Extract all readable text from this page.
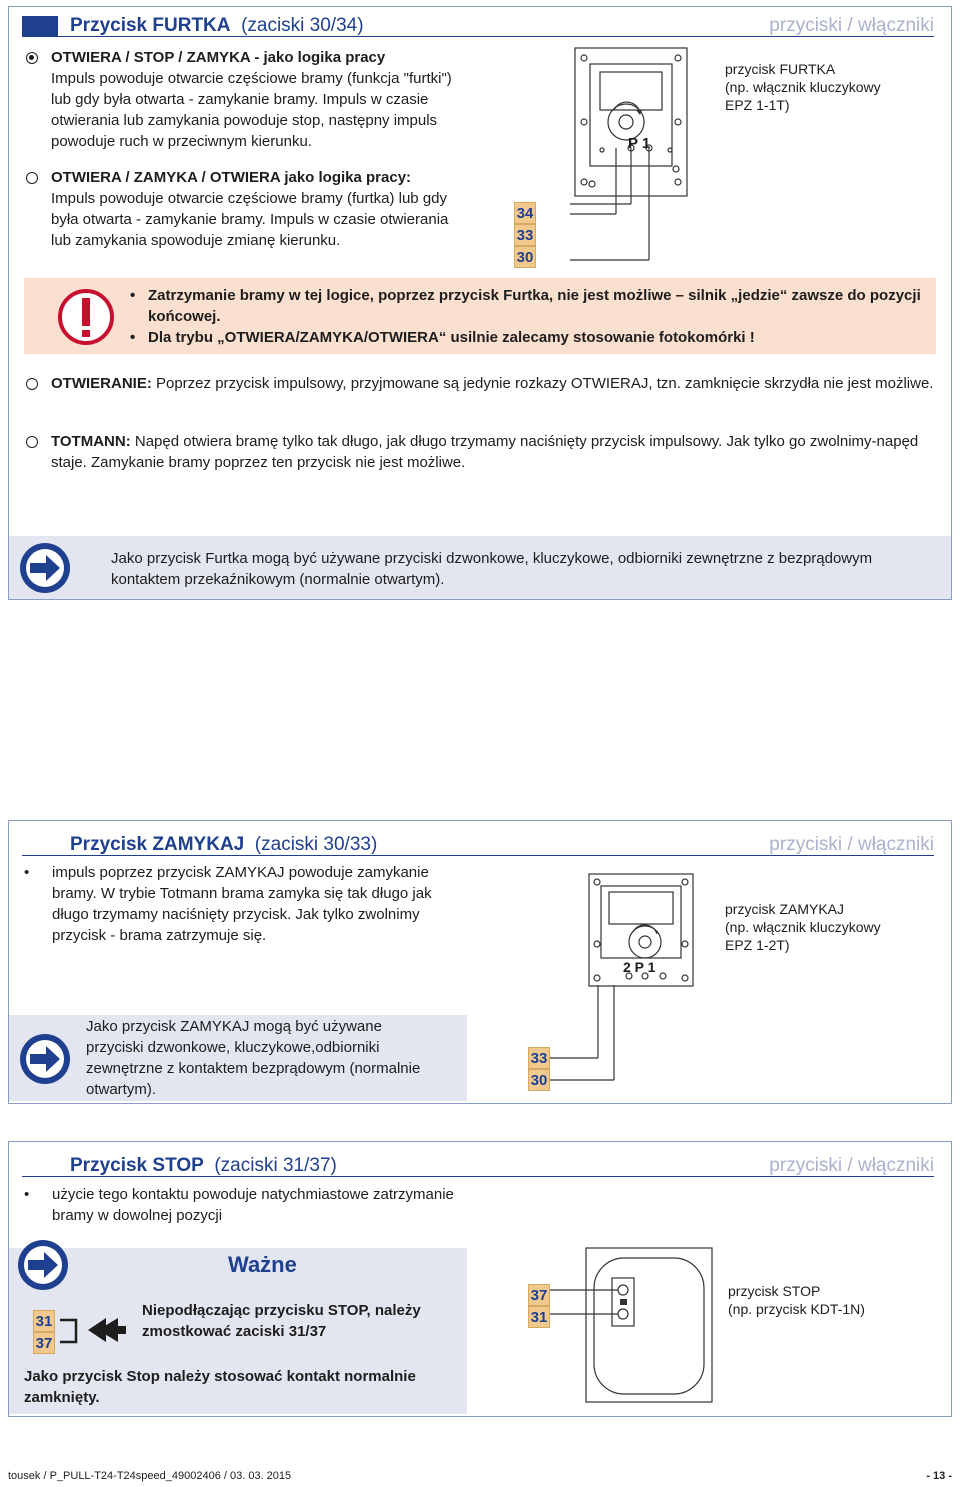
Przycisk FURTKA (zaciski 30/34)	przyciski / włączniki
OTWIERA / STOP / ZAMYKA - jako logika pracy
Impuls powoduje otwarcie częściowe bramy (funkcja "furtki") lub gdy była otwarta - zamykanie bramy. Impuls w czasie otwierania lub zamykania powoduje stop, następny impuls powoduje ruch w przeciwnym kierunku.
OTWIERA / ZAMYKA / OTWIERA jako logika pracy:
Impuls powoduje otwarcie częściowe bramy (furtka) lub gdy była otwarta - zamykanie bramy. Impuls w czasie otwierania lub zamykania spowoduje zmianę kierunku.
34
33
30
P 1
przycisk FURTKA
(np. włącznik kluczykowy
EPZ 1-1T)
• Zatrzymanie bramy w tej logice, poprzez przycisk Furtka, nie jest możliwe – silnik „jedzie“ zawsze do pozycji końcowej.
• Dla trybu „OTWIERA/ZAMYKA/OTWIERA“ usilnie zalecamy stosowanie fotokomórki !
OTWIERANIE: Poprzez przycisk impulsowy, przyjmowane są jedynie rozkazy OTWIERAJ, tzn. zamknięcie skrzydła nie jest możliwe.
TOTMANN: Napęd otwiera bramę tylko tak długo, jak długo trzymamy naciśnięty przycisk impulsowy. Jak tylko go zwolnimy-napęd staje. Zamykanie bramy poprzez ten przycisk nie jest możliwe.
Jako przycisk Furtka mogą być używane przyciski dzwonkowe, kluczykowe, odbiorniki zewnętrzne z bezprądowym kontaktem przekaźnikowym (normalnie otwartym).
Przycisk ZAMYKAJ (zaciski 30/33)	przyciski / włączniki
• impuls poprzez przycisk ZAMYKAJ powoduje zamykanie bramy. W trybie Totmann brama zamyka się tak długo jak długo trzymamy naciśnięty przycisk. Jak tylko zwolnimy przycisk - brama zatrzymuje się.
2 P 1
przycisk ZAMYKAJ
(np. włącznik kluczykowy
EPZ 1-2T)
Jako przycisk ZAMYKAJ mogą być używane przyciski dzwonkowe, kluczykowe,odbiorniki zewnętrzne z kontaktem bezprądowym (normalnie otwartym).
33
30
Przycisk STOP (zaciski 31/37)	przyciski / włączniki
• użycie tego kontaktu powoduje natychmiastowe zatrzymanie bramy w dowolnej pozycji
Ważne
31
37
Niepodłączając przycisku STOP, należy zmostkować zaciski 31/37
Jako przycisk Stop należy stosować kontakt normalnie zamknięty.
37
31
przycisk STOP
(np. przycisk KDT-1N)
tousek / P_PULL-T24-T24speed_49002406 / 03. 03. 2015	- 13 -
